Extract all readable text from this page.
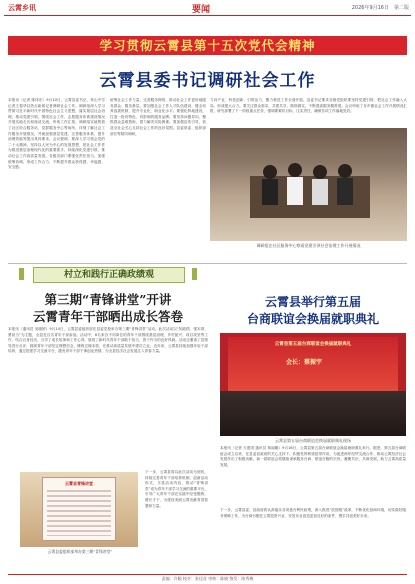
云霄乡讯	要闻	2026年9月16日　第二版
学习贯彻云霄县第十五次党代会精神
云霄县委书记调研社会工作
本报讯（记者 陈伟东）9月10日，云霄县委书记、常山中学记者王春华以热点新闻记者调研社会工作。调研组深入学习贯彻习近平新时代中国特色社会主义思想，落实基层社会治理，推动党建引领，围绕社会工作、志愿服务体系建设情况开展实地走访和座谈交流，听取工作汇报。调研组实地察看了社区综合服务站、党群服务中心等场所，详细了解社会工作服务开展情况，并就加强基层党建、完善服务体系、提升治理效能等提出具体要求。会议强调，要深入学习领会党的二十大精神，坚持以人民为中心的发展思想，把社会工作作为推进基层治理现代化的重要抓手，持续深化党建引领，推动社会工作高质量发展。各级各部门要强化责任担当，加强统筹协调，形成工作合力，不断提升群众获得感、幸福感、安全感。
统筹社会工作力量，完善服务网络，推动社会工作更好地服务群众、服务基层。要加强社会工作人才队伍建设，健全培养选拔机制，提升专业化、职业化水平。要强化阵地建设，打造一批有特色、有影响的服务品牌。要坚持问题导向，聚焦群众急难愁盼，着力解决实际困难。要加强宣传引导，营造全社会关心支持社会工作的良好氛围。县委常委、组织部部长等陪同调研。
力向产业、科技创新、引领活力，聚力推进工作全面开展。县委书记要求各级党组织要坚持党建引领，把社会工作融入大局，形成强大合力。要关注群众需求，共建共享，做细做实，不断提高服务精准度。会议听取了各乡镇社会工作开展情况汇报，研究部署了下一阶段重点任务，强调要紧盯目标，压实责任，确保各项工作落地见效。
调研组在社区服务中心察看党建引领社会治理工作开展情况
村立和践行正确政绩观
第三期“青锋讲堂”开讲
云霄青年干部晒出成长答卷
本报讯（通讯员 吴晓婷）9月14日，云霄县委组织部在县委党校举办第三期“青锋讲堂”活动。此次活动以“知政情、强本领、勇担当”为主题，全县近百名青年干部参加。活动中，6名来自不同岗位的青年干部围绕基层治理、乡村振兴、项目攻坚等工作，结合自身经历，分享了成长故事和工作心得，展现了新时代青年干部敢于担当、善于作为的良好风貌。活动还邀请了县领导进行点评，鼓励青年干部坚定理想信念，锤炼过硬本领，在推动高质量发展中建功立业。近年来，云霄县持续加强年轻干部培养，通过搭建学习交流平台，激发青年干部干事创业热情，为全县经济社会发展注入青春力量。
下一步，云霄县将以此次活动为契机，持续完善青年干部培养机制，创新活动形式，丰富活动内容，推动“青锋讲堂”成为青年干部学习交流的重要平台，引导广大青年干部在实践中经受锻炼、增长才干，为建设美丽云霄贡献青春智慧和力量。
云霄县青锋讲堂
云霄县委组织部举办第三期“青锋讲堂”
云霄县举行第五届
台商联谊会换届就职典礼
云霄县第五届台商联谊会换届就职典礼
会长：蔡振宇
云霄县第五届台商联谊会换届就职典礼现场
本报讯（记者 方建国 通讯员 林丽娜）9月16日，云霄县第五届台商联谊会换届就职典礼举行。据悉，第五届台商联谊会成立以来，在县委县政府的关心支持下，积极发挥桥梁纽带作用，为促进两岸经贸交流合作、推动云霄经济社会发展作出了积极贡献。新一届联谊会将继续秉承服务台商、联谊台胞的宗旨，凝聚共识，共谋发展，助力云霄高质量发展。
下一步，云霄县委、县政府将认真落实各项惠台利民政策，深入推进“放管服”改革，不断优化营商环境，切实做好服务保障工作，为台商台胞在云霄投资兴业、安居乐业创造更加良好的条件，携手共创美好未来。
责编：许颖 校对：张佳音 审核：陈晓 签发：陈秀梅
